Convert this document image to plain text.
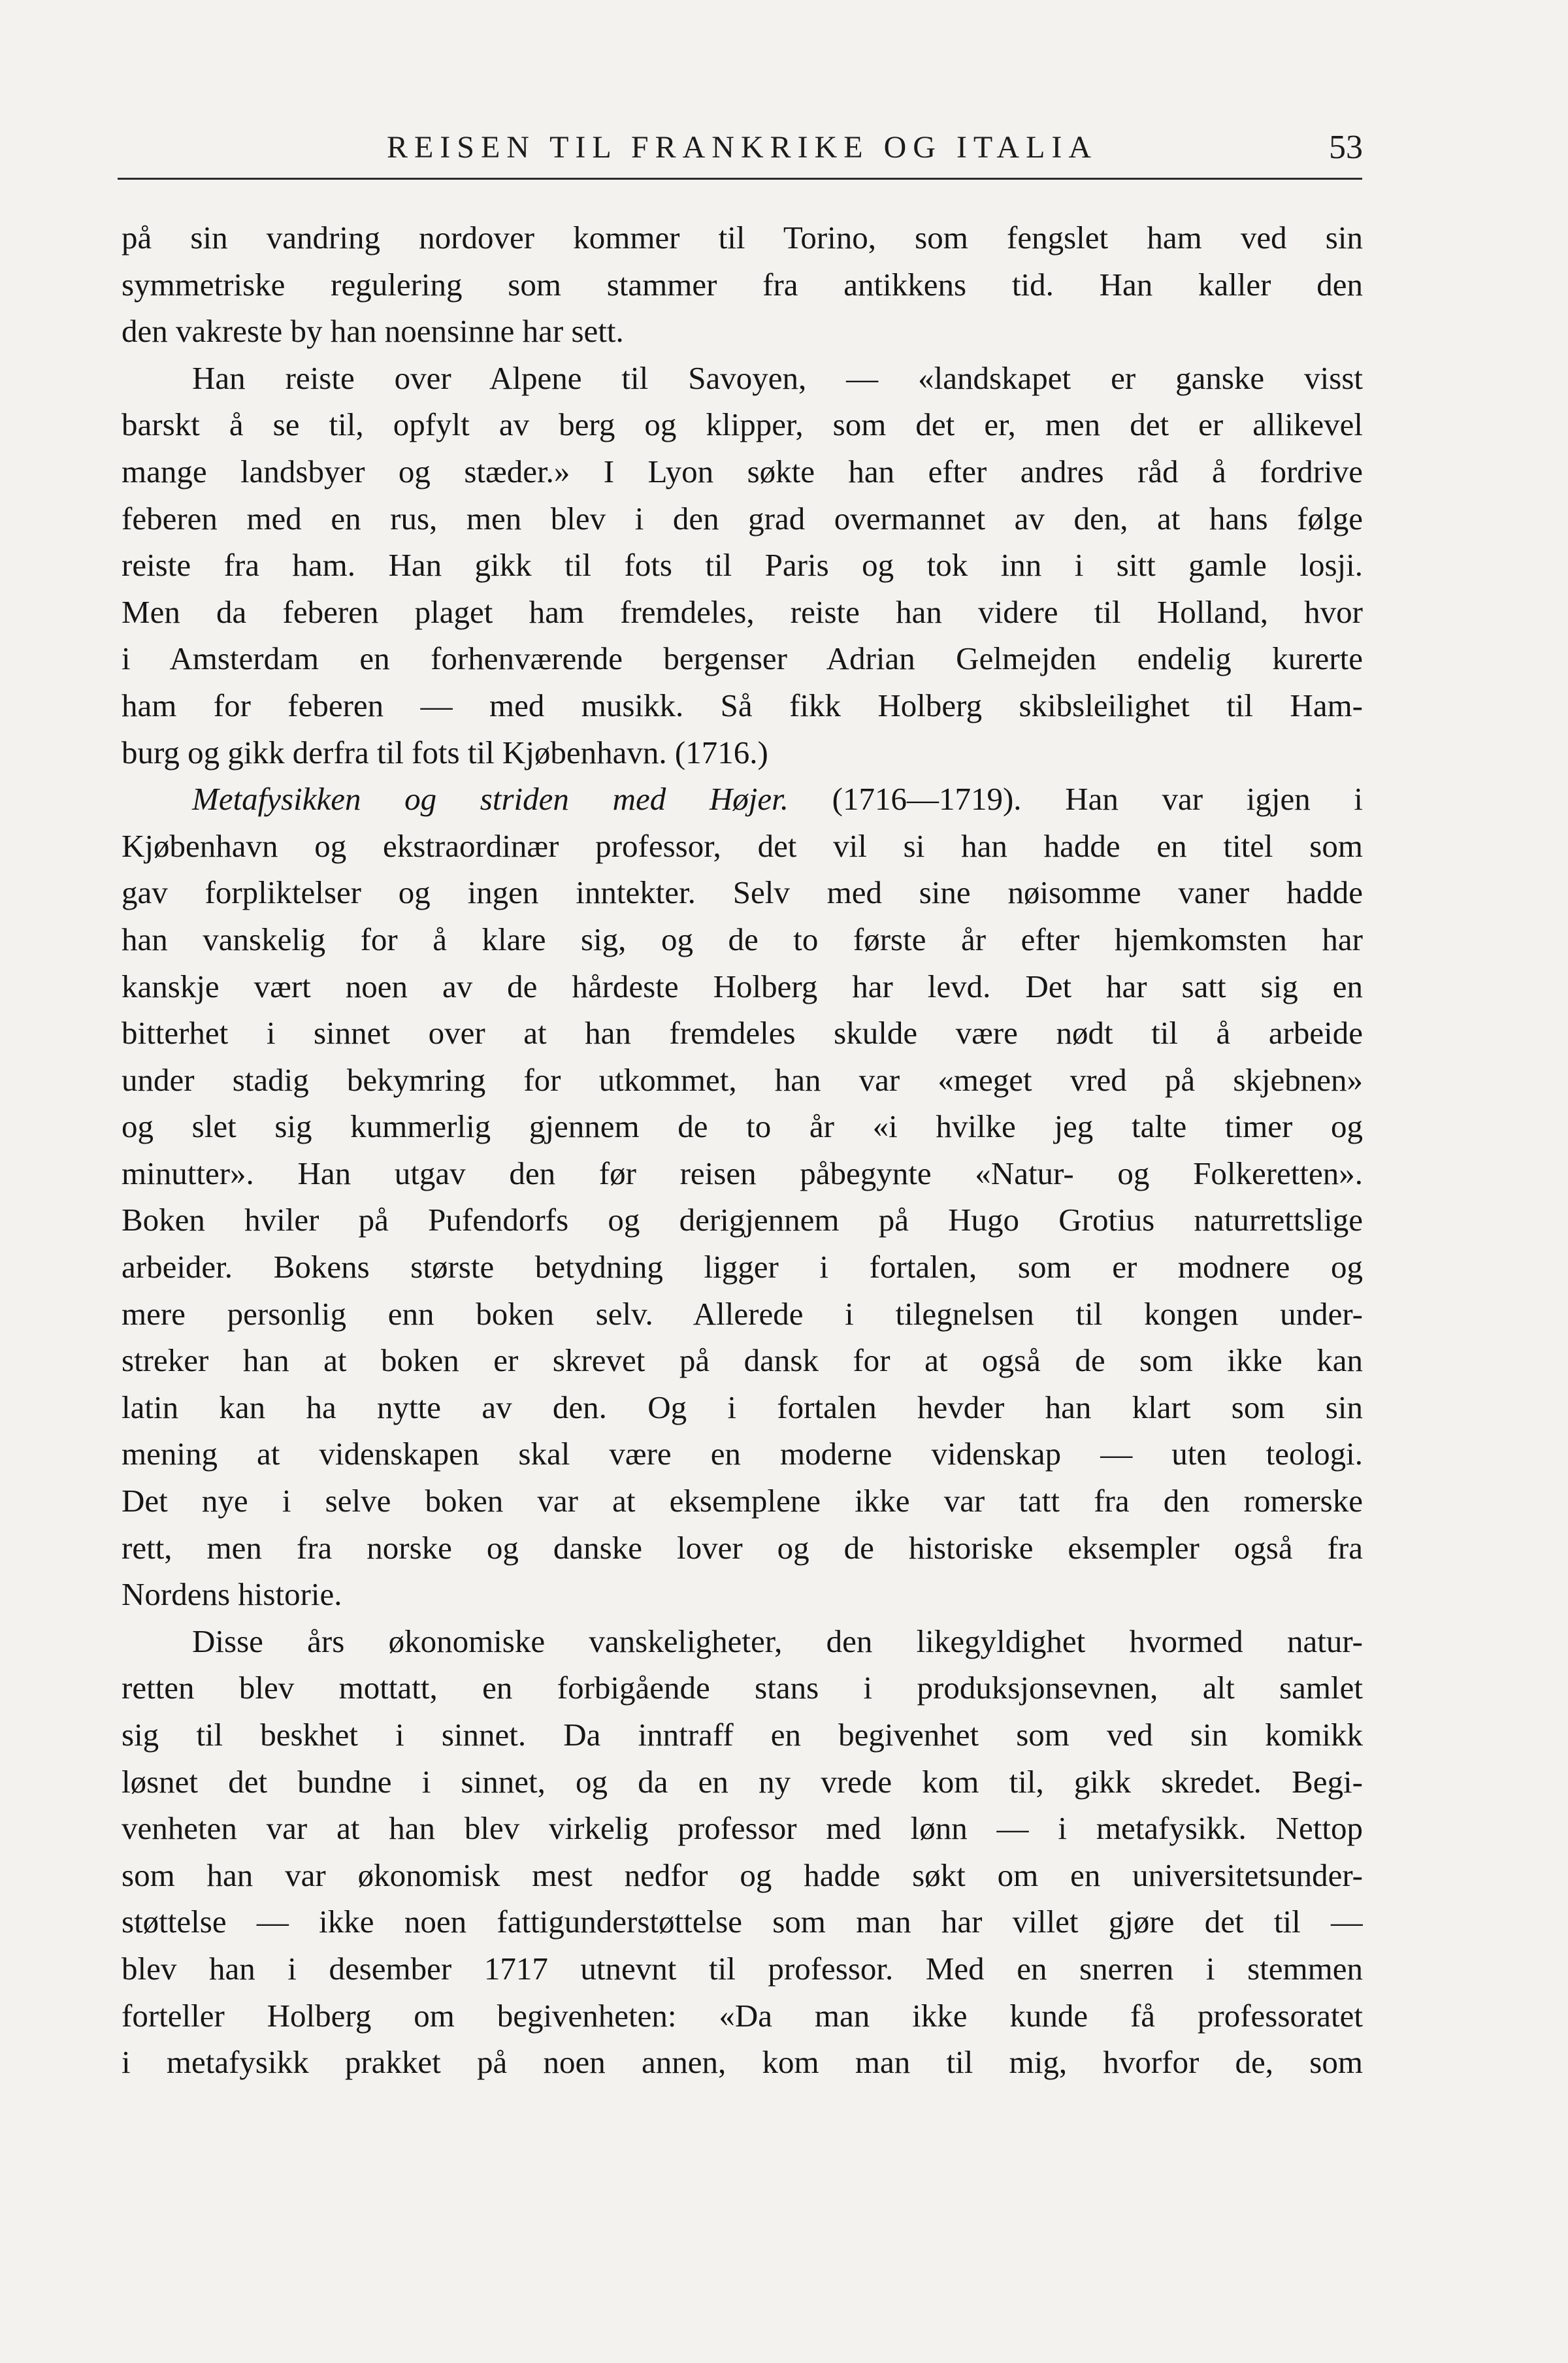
REISEN TIL FRANKRIKE OG ITALIA	53
på sin vandring nordover kommer til Torino, som fengslet ham ved sin
symmetriske regulering som stammer fra antikkens tid. Han kaller den
den vakreste by han noensinne har sett.
Han reiste over Alpene til Savoyen, — «landskapet er ganske visst
barskt å se til, opfylt av berg og klipper, som det er, men det er allikevel
mange landsbyer og stæder.» I Lyon søkte han efter andres råd å fordrive
feberen med en rus, men blev i den grad overmannet av den, at hans følge
reiste fra ham. Han gikk til fots til Paris og tok inn i sitt gamle losji.
Men da feberen plaget ham fremdeles, reiste han videre til Holland, hvor
i Amsterdam en forhenværende bergenser Adrian Gelmejden endelig kurerte
ham for feberen — med musikk. Så fikk Holberg skibsleilighet til Ham-
burg og gikk derfra til fots til Kjøbenhavn. (1716.)
Metafysikken og striden med Højer. (1716—1719). Han var igjen i
Kjøbenhavn og ekstraordinær professor, det vil si han hadde en titel som
gav forpliktelser og ingen inntekter. Selv med sine nøisomme vaner hadde
han vanskelig for å klare sig, og de to første år efter hjemkomsten har
kanskje vært noen av de hårdeste Holberg har levd. Det har satt sig en
bitterhet i sinnet over at han fremdeles skulde være nødt til å arbeide
under stadig bekymring for utkommet, han var «meget vred på skjebnen»
og slet sig kummerlig gjennem de to år «i hvilke jeg talte timer og
minutter». Han utgav den før reisen påbegynte «Natur- og Folkeretten».
Boken hviler på Pufendorfs og derigjennem på Hugo Grotius naturrettslige
arbeider. Bokens største betydning ligger i fortalen, som er modnere og
mere personlig enn boken selv. Allerede i tilegnelsen til kongen under-
streker han at boken er skrevet på dansk for at også de som ikke kan
latin kan ha nytte av den. Og i fortalen hevder han klart som sin
mening at videnskapen skal være en moderne videnskap — uten teologi.
Det nye i selve boken var at eksemplene ikke var tatt fra den romerske
rett, men fra norske og danske lover og de historiske eksempler også fra
Nordens historie.
Disse års økonomiske vanskeligheter, den likegyldighet hvormed natur-
retten blev mottatt, en forbigående stans i produksjonsevnen, alt samlet
sig til beskhet i sinnet. Da inntraff en begivenhet som ved sin komikk
løsnet det bundne i sinnet, og da en ny vrede kom til, gikk skredet. Begi-
venheten var at han blev virkelig professor med lønn — i metafysikk. Nettop
som han var økonomisk mest nedfor og hadde søkt om en universitetsunder-
støttelse — ikke noen fattigunderstøttelse som man har villet gjøre det til —
blev han i desember 1717 utnevnt til professor. Med en snerren i stemmen
forteller Holberg om begivenheten: «Da man ikke kunde få professoratet
i metafysikk prakket på noen annen, kom man til mig, hvorfor de, som
